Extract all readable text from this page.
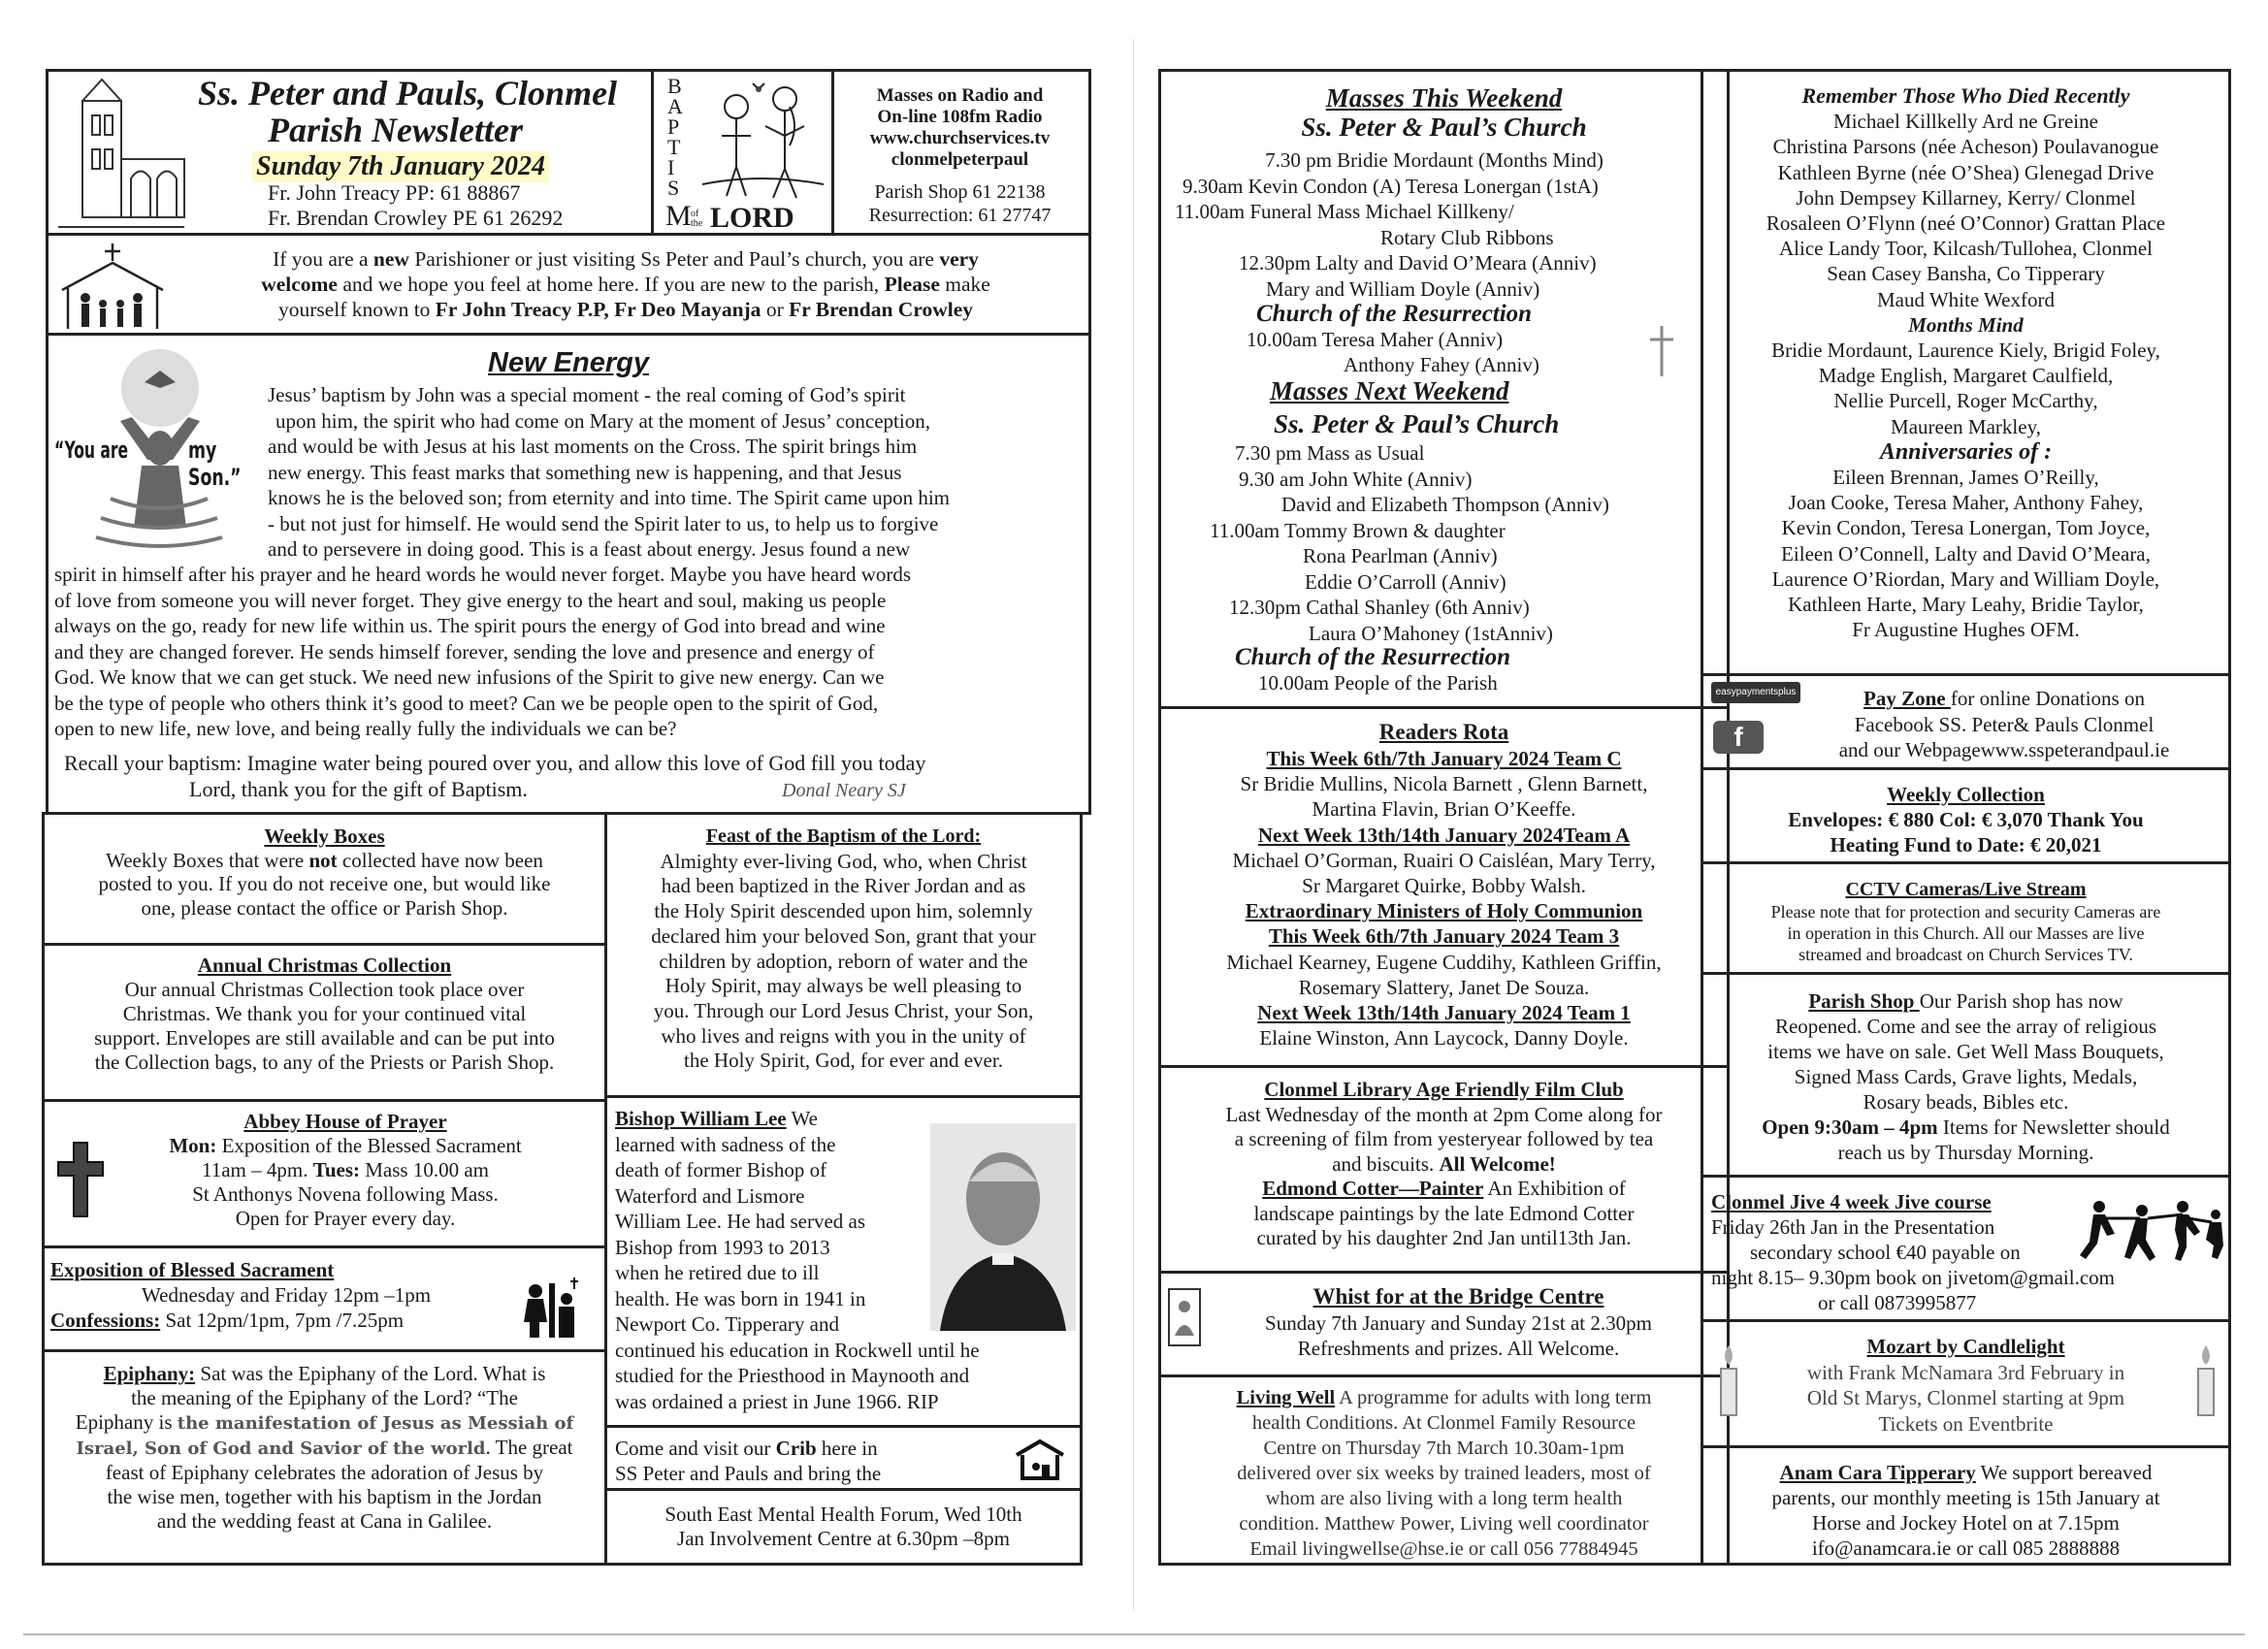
Ss. Peter and Pauls, Clonmel
Parish Newsletter
Sunday 7th January 2024
Fr. John Treacy PP: 61 88867
Fr. Brendan Crowley PE 61 26292
B
A
P
T
I
S
M of the LORD
Masses on Radio and
On-line 108fm Radio
www.churchservices.tv
clonmelpeterpaul
Parish Shop 61 22138
Resurrection: 61 27747
If you are a new Parishioner or just visiting Ss Peter and Paul’s church, you are very
welcome and we hope you feel at home here. If you are new to the parish, Please make
yourself known to Fr John Treacy P.P, Fr Deo Mayanja or Fr Brendan Crowley
New Energy
“You are	my Son.”
Jesus’ baptism by John was a special moment - the real coming of God’s spirit
upon him, the spirit who had come on Mary at the moment of Jesus’ conception,
and would be with Jesus at his last moments on the Cross. The spirit brings him
new energy. This feast marks that something new is happening, and that Jesus
knows he is the beloved son; from eternity and into time. The Spirit came upon him
- but not just for himself. He would send the Spirit later to us, to help us to forgive
and to persevere in doing good. This is a feast about energy. Jesus found a new
spirit in himself after his prayer and he heard words he would never forget. Maybe you have heard words
of love from someone you will never forget. They give energy to the heart and soul, making us people
always on the go, ready for new life within us. The spirit pours the energy of God into bread and wine
and they are changed forever. He sends himself forever, sending the love and presence and energy of
God. We know that we can get stuck. We need new infusions of the Spirit to give new energy. Can we
be the type of people who others think it’s good to meet? Can we be people open to the spirit of God,
open to new life, new love, and being really fully the individuals we can be?
Recall your baptism: Imagine water being poured over you, and allow this love of God fill you today
Lord, thank you for the gift of Baptism.	Donal Neary SJ
Weekly Boxes
Weekly Boxes that were not collected have now been
posted to you. If you do not receive one, but would like
one, please contact the office or Parish Shop.
Annual Christmas Collection
Our annual Christmas Collection took place over
Christmas. We thank you for your continued vital
support. Envelopes are still available and can be put into
the Collection bags, to any of the Priests or Parish Shop.
Abbey House of Prayer
Mon: Exposition of the Blessed Sacrament
11am – 4pm. Tues: Mass 10.00 am
St Anthonys Novena following Mass.
Open for Prayer every day.
Exposition of Blessed Sacrament
Wednesday and Friday 12pm –1pm
Confessions: Sat 12pm/1pm, 7pm /7.25pm
Epiphany: Sat was the Epiphany of the Lord. What is
the meaning of the Epiphany of the Lord? “The
Epiphany is the manifestation of Jesus as Messiah of
Israel, Son of God and Savior of the world. The great
feast of Epiphany celebrates the adoration of Jesus by
the wise men, together with his baptism in the Jordan
and the wedding feast at Cana in Galilee.
Feast of the Baptism of the Lord:
Almighty ever-living God, who, when Christ
had been baptized in the River Jordan and as
the Holy Spirit descended upon him, solemnly
declared him your beloved Son, grant that your
children by adoption, reborn of water and the
Holy Spirit, may always be well pleasing to
you. Through our Lord Jesus Christ, your Son,
who lives and reigns with you in the unity of
the Holy Spirit, God, for ever and ever.
Bishop William Lee We
learned with sadness of the
death of former Bishop of
Waterford and Lismore
William Lee. He had served as
Bishop from 1993 to 2013
when he retired due to ill
health. He was born in 1941 in
Newport Co. Tipperary and
continued his education in Rockwell until he
studied for the Priesthood in Maynooth and
was ordained a priest in June 1966. RIP
Come and visit our Crib here in
SS Peter and Pauls and bring the
South East Mental Health Forum, Wed 10th
Jan Involvement Centre at 6.30pm –8pm
Masses This Weekend
Ss. Peter & Paul’s Church
7.30 pm Bridie Mordaunt (Months Mind)
9.30am Kevin Condon (A) Teresa Lonergan (1stA)
11.00am Funeral Mass Michael Killkeny/
Rotary Club Ribbons
12.30pm Lalty and David O’Meara (Anniv)
Mary and William Doyle (Anniv)
Church of the Resurrection
10.00am Teresa Maher (Anniv)
Anthony Fahey (Anniv)
Masses Next Weekend
Ss. Peter & Paul’s Church
7.30 pm Mass as Usual
9.30 am John White (Anniv)
David and Elizabeth Thompson (Anniv)
11.00am Tommy Brown & daughter
Rona Pearlman (Anniv)
Eddie O’Carroll (Anniv)
12.30pm Cathal Shanley (6th Anniv)
Laura O’Mahoney (1stAnniv)
Church of the Resurrection
10.00am People of the Parish
Readers Rota
This Week 6th/7th January 2024 Team C
Sr Bridie Mullins, Nicola Barnett , Glenn Barnett,
Martina Flavin, Brian O’Keeffe.
Next Week 13th/14th January 2024Team A
Michael O’Gorman, Ruairi O Caisléan, Mary Terry,
Sr Margaret Quirke, Bobby Walsh.
Extraordinary Ministers of Holy Communion
This Week 6th/7th January 2024 Team 3
Michael Kearney, Eugene Cuddihy, Kathleen Griffin,
Rosemary Slattery, Janet De Souza.
Next Week 13th/14th January 2024 Team 1
Elaine Winston, Ann Laycock, Danny Doyle.
Clonmel Library Age Friendly Film Club
Last Wednesday of the month at 2pm Come along for
a screening of film from yesteryear followed by tea
and biscuits. All Welcome!
Edmond Cotter—Painter An Exhibition of
landscape paintings by the late Edmond Cotter
curated by his daughter 2nd Jan until13th Jan.
Whist for at the Bridge Centre
Sunday 7th January and Sunday 21st at 2.30pm
Refreshments and prizes. All Welcome.
Living Well A programme for adults with long term
health Conditions. At Clonmel Family Resource
Centre on Thursday 7th March 10.30am-1pm
delivered over six weeks by trained leaders, most of
whom are also living with a long term health
condition. Matthew Power, Living well coordinator
Email livingwellse@hse.ie or call 056 77884945
Remember Those Who Died Recently
Michael Killkelly Ard ne Greine
Christina Parsons (née Acheson) Poulavanogue
Kathleen Byrne (née O’Shea) Glenegad Drive
John Dempsey Killarney, Kerry/ Clonmel
Rosaleen O’Flynn (neé O’Connor) Grattan Place
Alice Landy Toor, Kilcash/Tullohea, Clonmel
Sean Casey Bansha, Co Tipperary
Maud White Wexford
Months Mind
Bridie Mordaunt, Laurence Kiely, Brigid Foley,
Madge English, Margaret Caulfield,
Nellie Purcell, Roger McCarthy,
Maureen Markley,
Anniversaries of :
Eileen Brennan, James O’Reilly,
Joan Cooke, Teresa Maher, Anthony Fahey,
Kevin Condon, Teresa Lonergan, Tom Joyce,
Eileen O’Connell, Lalty and David O’Meara,
Laurence O’Riordan, Mary and William Doyle,
Kathleen Harte, Mary Leahy, Bridie Taylor,
Fr Augustine Hughes OFM.
easypaymentsplus
f
Pay Zone for online Donations on
Facebook SS. Peter& Pauls Clonmel
and our Webpagewww.sspeterandpaul.ie
Weekly Collection
Envelopes: € 880 Col: € 3,070 Thank You
Heating Fund to Date: € 20,021
CCTV Cameras/Live Stream
Please note that for protection and security Cameras are
in operation in this Church. All our Masses are live
streamed and broadcast on Church Services TV.
Parish Shop Our Parish shop has now
Reopened. Come and see the array of religious
items we have on sale. Get Well Mass Bouquets,
Signed Mass Cards, Grave lights, Medals,
Rosary beads, Bibles etc.
Open 9:30am – 4pm Items for Newsletter should
reach us by Thursday Morning.
Clonmel Jive 4 week Jive course
Friday 26th Jan in the Presentation
secondary school €40 payable on
night 8.15– 9.30pm book on jivetom@gmail.com
or call 0873995877
Mozart by Candlelight
with Frank McNamara 3rd February in
Old St Marys, Clonmel starting at 9pm
Tickets on Eventbrite
Anam Cara Tipperary We support bereaved
parents, our monthly meeting is 15th January at
Horse and Jockey Hotel on at 7.15pm
ifo@anamcara.ie or call 085 2888888
